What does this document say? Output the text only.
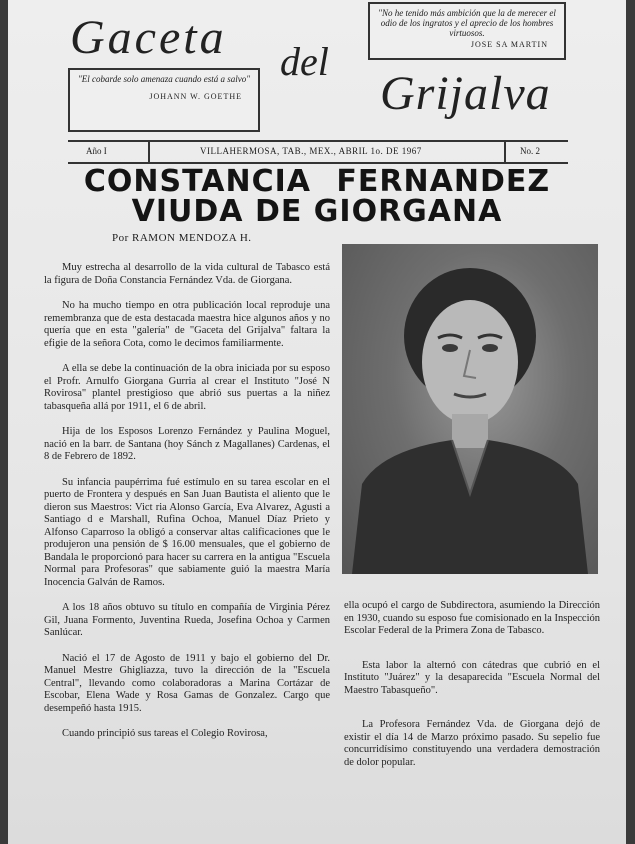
Gaceta del
Grijalva
"El cobarde solo amenaza cuando está a salvo"
JOHANN W. GOETHE
"No he tenido más ambición que la de merecer el odio de los ingratos y el aprecio de los hombres virtuosos.
JOSE SA MARTIN
Año I	VILLAHERMOSA, TAB., MEX., ABRIL 1o. DE 1967	No. 2
CONSTANCIA FERNANDEZ
VIUDA DE GIORGANA
Por RAMON MENDOZA H.

Muy estrecha al desarrollo de la vida cultural de Tabasco está la figura de Doña Constancia Fernández Vda. de Giorgana.

No ha mucho tiempo en otra publicación local reproduje una remembranza que de esta destacada maestra hice algunos años y no quería que en esta "galería" de "Gaceta del Grijalva" faltara la efigie de la señora Cota, como le decimos familiarmente.

A ella se debe la continuación de la obra iniciada por su esposo el Profr. Arnulfo Giorgana Gurria al crear el Instituto "José N Rovirosa" plantel prestigioso que abrió sus puertas a la niñez tabasqueña allá por 1911, el 6 de abril.

Hija de los Esposos Lorenzo Fernández y Paulina Moguel, nació en la barr. de Santana (hoy Sánch z Magallanes) Cardenas, el 8 de Febrero de 1892.

Su infancia paupérrima fué estímulo en su tarea escolar en el puerto de Frontera y después en San Juan Bautista el aliento que le dieron sus Maestros: Vict ria Alonso García, Eva Alvarez, Agusti a Santiago d e Marshall, Rufina Ochoa, Manuel Díaz Prieto y Alfonso Caparroso la obligó a conservar altas calificaciones que le produjeron una pensión de $ 16.00 mensuales, que el gobierno de Bandala le proporcionó para hacer su carrera en la antigua "Escuela Normal para Profesoras" que sabiamente guió la maestra María Inocencia Galván de Ramos.

A los 18 años obtuvo su título en compañía de Virginia Pérez Gil, Juana Formento, Juventina Rueda, Josefina Ochoa y Carmen Sanlúcar.

Nació el 17 de Agosto de 1911 y bajo el gobierno del Dr. Manuel Mestre Ghigliazza, tuvo la dirección de la "Escuela Central", llevando como colaboradoras a Marina Cortázar de Escobar, Elena Wade y Rosa Gamas de Gonzalez. Cargo que desempeñó hasta 1915.

Cuando principió sus tareas el Colegio Rovirosa,

ella ocupó el cargo de Subdirectora, asumiendo la Dirección en 1930, cuando su esposo fue comisionado en la Inspección Escolar Federal de la Primera Zona de Tabasco.

Esta labor la alternó con cátedras que cubrió en el Instituto "Juárez" y la desaparecida "Escuela Normal del Maestro Tabasqueño".

La Profesora Fernández Vda. de Giorgana dejó de existir el día 14 de Marzo próximo pasado. Su sepelio fue concurridísimo constituyendo una verdadera demostración de dolor popular.
